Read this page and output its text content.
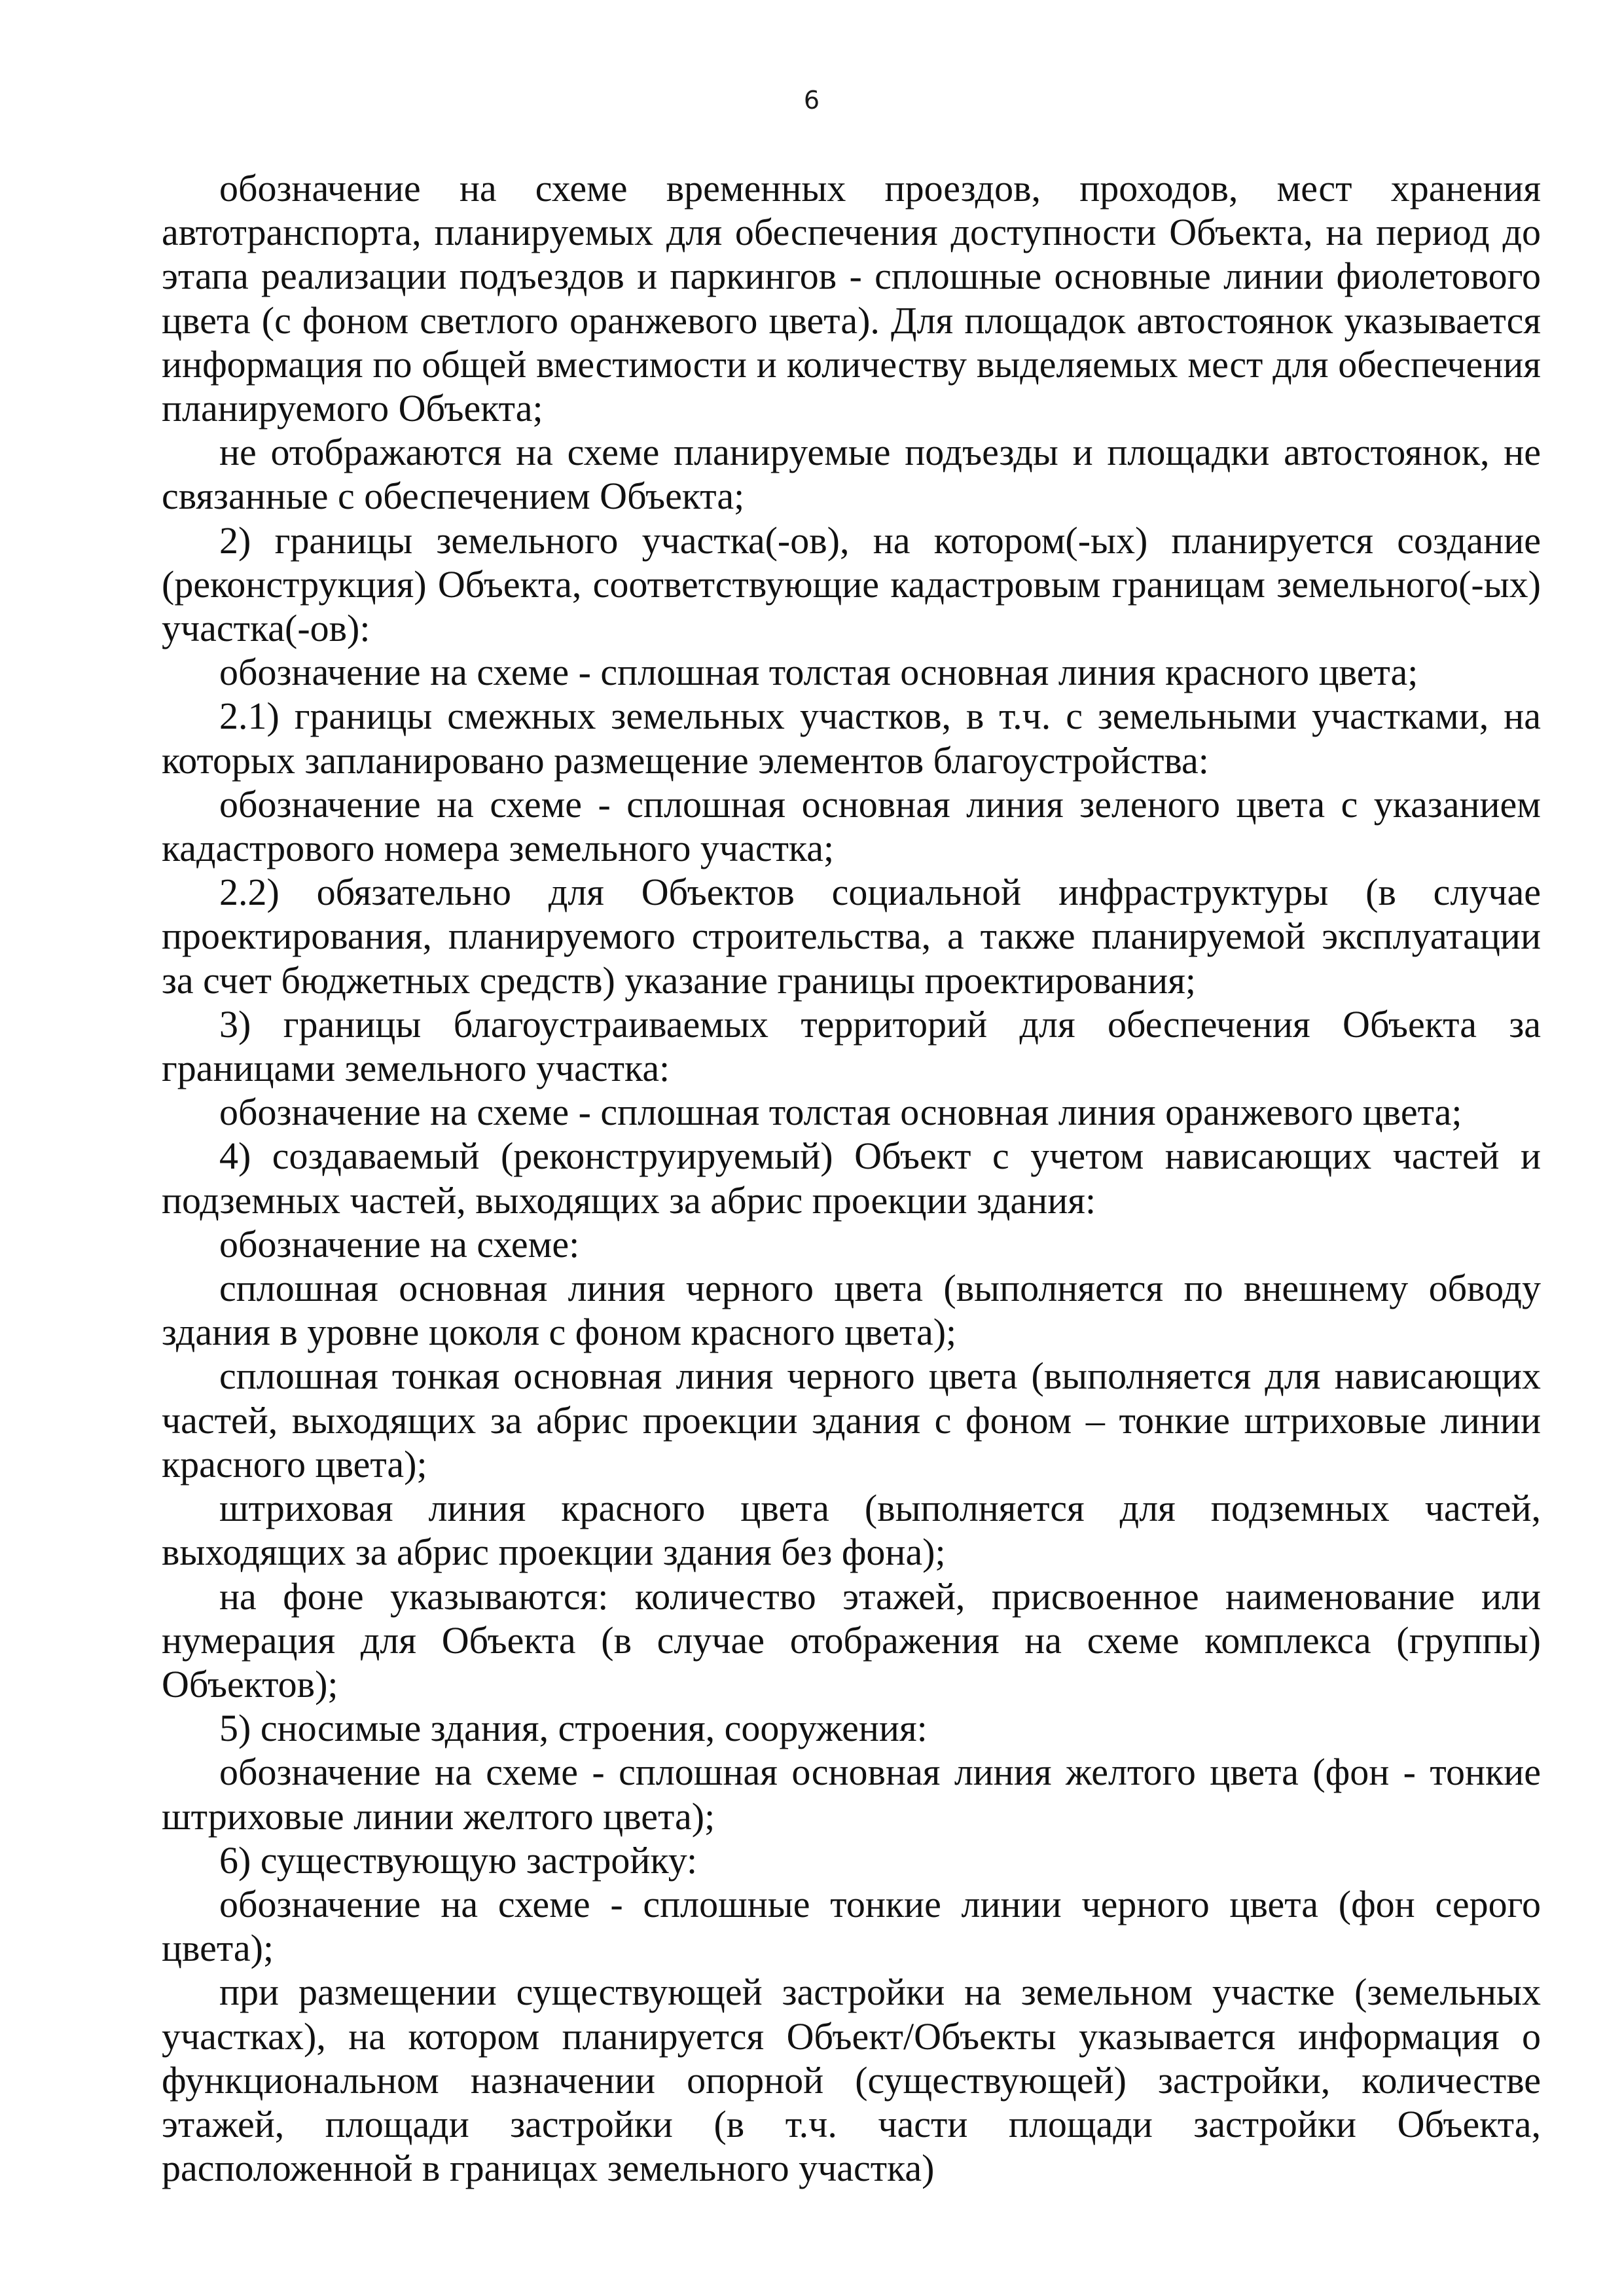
6

обозначение на схеме временных проездов, проходов, мест хранения автотранспорта, планируемых для обеспечения доступности Объекта, на период до этапа реализации подъездов и паркингов - сплошные основные линии фиолетового цвета (с фоном светлого оранжевого цвета). Для площадок автостоянок указывается информация по общей вместимости и количеству выделяемых мест для обеспечения планируемого Объекта;

не отображаются на схеме планируемые подъезды и площадки автостоянок, не связанные с обеспечением Объекта;

2) границы земельного участка(-ов), на котором(-ых) планируется создание (реконструкция) Объекта, соответствующие кадастровым границам земельного(-ых) участка(-ов):

обозначение на схеме - сплошная толстая основная линия красного цвета;

2.1) границы смежных земельных участков, в т.ч. с земельными участками, на которых запланировано размещение элементов благоустройства:

обозначение на схеме - сплошная основная линия зеленого цвета с указанием кадастрового номера земельного участка;

2.2) обязательно для Объектов социальной инфраструктуры (в случае проектирования, планируемого строительства, а также планируемой эксплуатации за счет бюджетных средств) указание границы проектирования;

3) границы благоустраиваемых территорий для обеспечения Объекта за границами земельного участка:

обозначение на схеме - сплошная толстая основная линия оранжевого цвета;

4) создаваемый (реконструируемый) Объект с учетом нависающих частей и подземных частей, выходящих за абрис проекции здания:

обозначение на схеме:

сплошная основная линия черного цвета (выполняется по внешнему обводу здания в уровне цоколя с фоном красного цвета);

сплошная тонкая основная линия черного цвета (выполняется для нависающих частей, выходящих за абрис проекции здания с фоном – тонкие штриховые линии красного цвета);

штриховая линия красного цвета (выполняется для подземных частей, выходящих за абрис проекции здания без фона);

на фоне указываются: количество этажей, присвоенное наименование или нумерация для Объекта (в случае отображения на схеме комплекса (группы) Объектов);

5) сносимые здания, строения, сооружения:

обозначение на схеме - сплошная основная линия желтого цвета (фон - тонкие штриховые линии желтого цвета);

6) существующую застройку:

обозначение на схеме - сплошные тонкие линии черного цвета (фон серого цвета);

при размещении существующей застройки на земельном участке (земельных участках), на котором планируется Объект/Объекты указывается информация о функциональном назначении опорной (существующей) застройки, количестве этажей, площади застройки (в т.ч. части площади застройки Объекта, расположенной в границах земельного участка)
